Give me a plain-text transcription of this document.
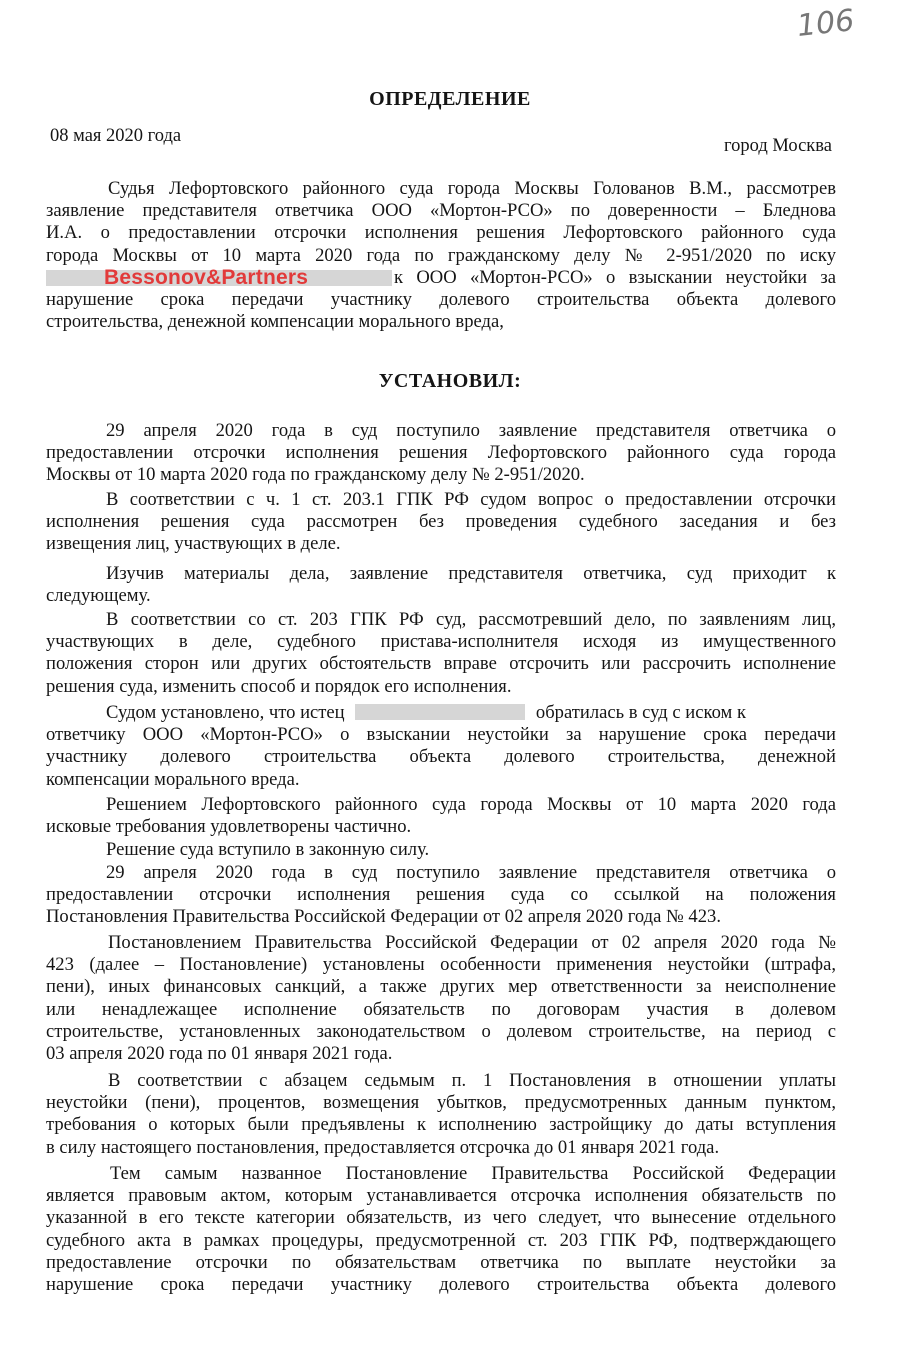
106
ОПРЕДЕЛЕНИЕ
08 мая 2020 года	город Москва
Судья Лефортовского районного суда города Москвы Голованов В.М., рассмотрев
заявление представителя ответчика ООО «Мортон-РСО» по доверенности – Бледнова
И.А. о предоставлении отсрочки исполнения решения Лефортовского районного суда
города Москвы от 10 марта 2020 года по гражданскому делу № 2-951/2020 по иску
к ООО «Мортон-РСО» о взыскании неустойки за
нарушение срока передачи участнику долевого строительства объекта долевого
строительства, денежной компенсации морального вреда,
Bessonov&Partners
УСТАНОВИЛ:
29 апреля 2020 года в суд поступило заявление представителя ответчика о
предоставлении отсрочки исполнения решения Лефортовского районного суда города
Москвы от 10 марта 2020 года по гражданскому делу № 2-951/2020.
В соответствии с ч. 1 ст. 203.1 ГПК РФ судом вопрос о предоставлении отсрочки
исполнения решения суда рассмотрен без проведения судебного заседания и без
извещения лиц, участвующих в деле.
Изучив материалы дела, заявление представителя ответчика, суд приходит к
следующему.
В соответствии со ст. 203 ГПК РФ суд, рассмотревший дело, по заявлениям лиц,
участвующих в деле, судебного пристава-исполнителя исходя из имущественного
положения сторон или других обстоятельств вправе отсрочить или рассрочить исполнение
решения суда, изменить способ и порядок его исполнения.
Судом установлено, что истец	обратилась в суд с иском к
ответчику ООО «Мортон-РСО» о взыскании неустойки за нарушение срока передачи
участнику долевого строительства объекта долевого строительства, денежной
компенсации морального вреда.
Решением Лефортовского районного суда города Москвы от 10 марта 2020 года
исковые требования удовлетворены частично.
Решение суда вступило в законную силу.
29 апреля 2020 года в суд поступило заявление представителя ответчика о
предоставлении отсрочки исполнения решения суда со ссылкой на положения
Постановления Правительства Российской Федерации от 02 апреля 2020 года № 423.
Постановлением Правительства Российской Федерации от 02 апреля 2020 года №
423 (далее – Постановление) установлены особенности применения неустойки (штрафа,
пени), иных финансовых санкций, а также других мер ответственности за неисполнение
или ненадлежащее исполнение обязательств по договорам участия в долевом
строительстве, установленных законодательством о долевом строительстве, на период с
03 апреля 2020 года по 01 января 2021 года.
В соответствии с абзацем седьмым п. 1 Постановления в отношении уплаты
неустойки (пени), процентов, возмещения убытков, предусмотренных данным пунктом,
требования о которых были предъявлены к исполнению застройщику до даты вступления
в силу настоящего постановления, предоставляется отсрочка до 01 января 2021 года.
Тем самым названное Постановление Правительства Российской Федерации
является правовым актом, которым устанавливается отсрочка исполнения обязательств по
указанной в его тексте категории обязательств, из чего следует, что вынесение отдельного
судебного акта в рамках процедуры, предусмотренной ст. 203 ГПК РФ, подтверждающего
предоставление отсрочки по обязательствам ответчика по выплате неустойки за
нарушение срока передачи участнику долевого строительства объекта долевого
